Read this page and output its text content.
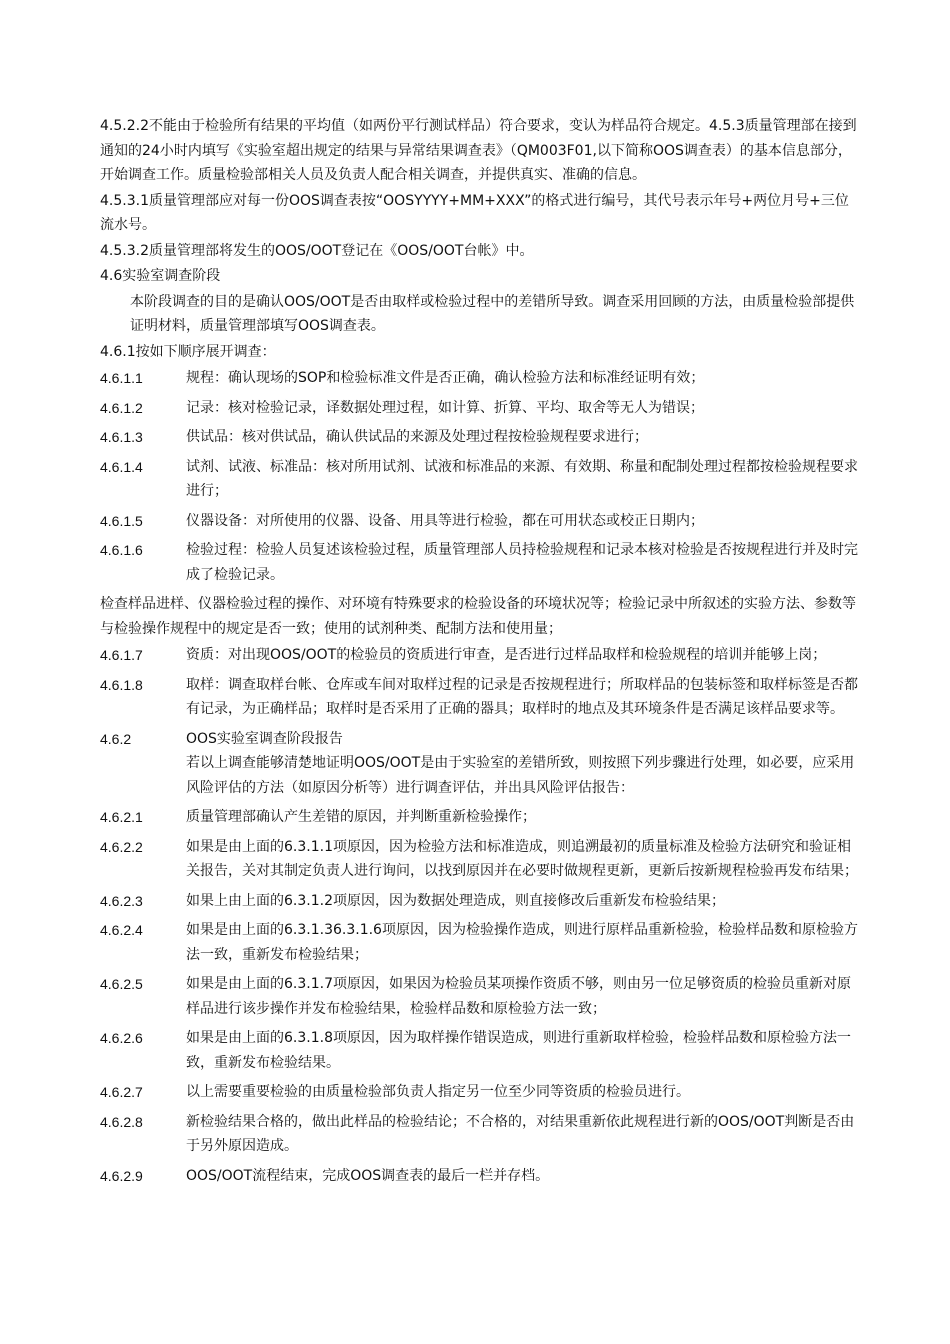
4.5.2.2不能由于检验所有结果的平均值（如两份平行测试样品）符合要求，变认为样品符合规定。4.5.3质量管理部在接到通知的24小时内填写《实验室超出规定的结果与异常结果调查表》（QM003F01,以下简称OOS调查表）的基本信息部分，开始调查工作。质量检验部相关人员及负责人配合相关调查，并提供真实、准确的信息。

4.5.3.1质量管理部应对每一份OOS调查表按“OOSYYYY+MM+XXX”的格式进行编号，其代号表示年号+两位月号+三位流水号。

4.5.3.2质量管理部将发生的OOS/OOT登记在《OOS/OOT台帐》中。

4.6实验室调查阶段

本阶段调查的目的是确认OOS/OOT是否由取样或检验过程中的差错所导致。调查采用回顾的方法，由质量检验部提供证明材料，质量管理部填写OOS调查表。

4.6.1按如下顺序展开调查：

4.6.1.1	规程：确认现场的SOP和检验标准文件是否正确，确认检验方法和标准经证明有效；
4.6.1.2	记录：核对检验记录，译数据处理过程，如计算、折算、平均、取舍等无人为错误；
4.6.1.3	供试品：核对供试品，确认供试品的来源及处理过程按检验规程要求进行；
4.6.1.4	试剂、试液、标准品：核对所用试剂、试液和标准品的来源、有效期、称量和配制处理过程都按检验规程要求进行；
4.6.1.5	仪器设备：对所使用的仪器、设备、用具等进行检验，都在可用状态或校正日期内；
4.6.1.6	检验过程：检验人员复述该检验过程，质量管理部人员持检验规程和记录本核对检验是否按规程进行并及时完成了检验记录。

检查样品进样、仪器检验过程的操作、对环境有特殊要求的检验设备的环境状况等；检验记录中所叙述的实验方法、参数等与检验操作规程中的规定是否一致；使用的试剂种类、配制方法和使用量；

4.6.1.7	资质：对出现OOS/OOT的检验员的资质进行审查，是否进行过样品取样和检验规程的培训并能够上岗；
4.6.1.8	取样：调查取样台帐、仓库或车间对取样过程的记录是否按规程进行；所取样品的包装标签和取样标签是否都有记录，为正确样品；取样时是否采用了正确的器具；取样时的地点及其环境条件是否满足该样品要求等。
4.6.2	OOS实验室调查阶段报告
若以上调查能够清楚地证明OOS/OOT是由于实验室的差错所致，则按照下列步骤进行处理，如必要，应采用风险评估的方法（如原因分析等）进行调查评估，并出具风险评估报告：
4.6.2.1	质量管理部确认产生差错的原因，并判断重新检验操作；
4.6.2.2	如果是由上面的6.3.1.1项原因，因为检验方法和标准造成，则追溯最初的质量标准及检验方法研究和验证相关报告，关对其制定负责人进行询问，以找到原因并在必要时做规程更新，更新后按新规程检验再发布结果；
4.6.2.3	如果上由上面的6.3.1.2项原因，因为数据处理造成，则直接修改后重新发布检验结果；
4.6.2.4	如果是由上面的6.3.1.36.3.1.6项原因，因为检验操作造成，则进行原样品重新检验，检验样品数和原检验方法一致，重新发布检验结果；
4.6.2.5	如果是由上面的6.3.1.7项原因，如果因为检验员某项操作资质不够，则由另一位足够资质的检验员重新对原样品进行该步操作并发布检验结果，检验样品数和原检验方法一致；
4.6.2.6	如果是由上面的6.3.1.8项原因，因为取样操作错误造成，则进行重新取样检验，检验样品数和原检验方法一致，重新发布检验结果。
4.6.2.7	以上需要重要检验的由质量检验部负责人指定另一位至少同等资质的检验员进行。
4.6.2.8	新检验结果合格的，做出此样品的检验结论；不合格的，对结果重新依此规程进行新的OOS/OOT判断是否由于另外原因造成。
4.6.2.9	OOS/OOT流程结束，完成OOS调查表的最后一栏并存档。
